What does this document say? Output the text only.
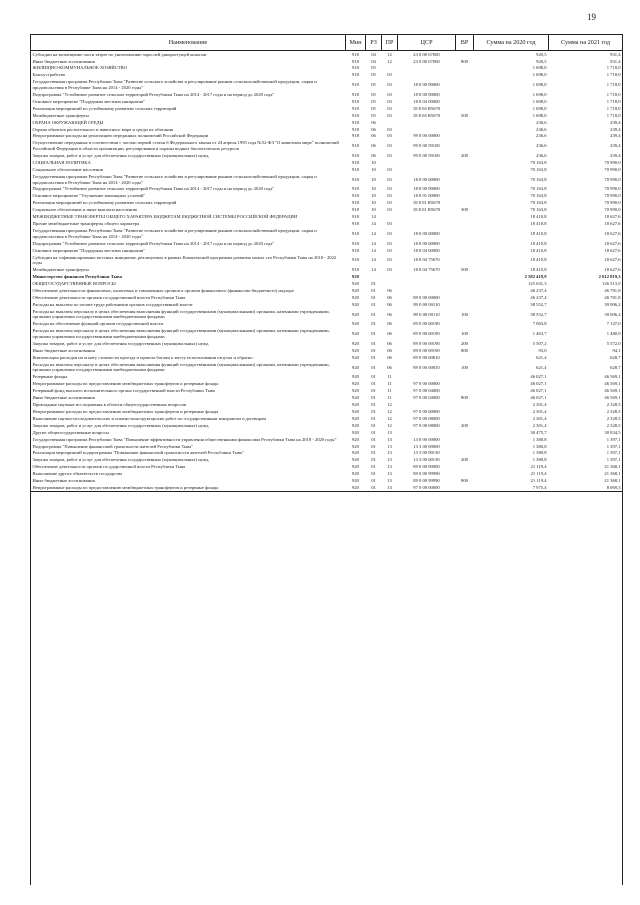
19
Наименование	Мин	РЗ	ПР	ЦСР	ВР	Сумма на 2020 год	Сумма на 2021 год
Субсидии на возмещение части затрат по уничтожению зарослей дикорастущей конопли	918	04	12	23 0 00 67000		920,5	931,4
Иные бюджетные ассигнования	918	04	12	23 0 00 67000	800	920,5	931,4
ЖИЛИЩНО-КОММУНАЛЬНОЕ ХОЗЯЙСТВО	918	05				1 698,0	1 718,0
Благоустройство	918	05	03			1 698,0	1 718,0
Государственная программа Республики Тыва "Развитие сельского хозяйства и регулирование рынков сельскохозяйственной продукции, сырья и продовольствия в Республике Тыва на 2014 - 2020 годы"	918	05	03	18 0 00 00000		1 698,0	1 718,0
Подпрограмма "Устойчивое развитие сельских территорий Республики Тыва на 2014 - 2017 годы и на период до 2020 года"	918	05	03	18 8 00 00000		1 698,0	1 718,0
Основное мероприятие "Поддержка местных инициатив"	918	05	03	18 8 04 00000		1 698,0	1 718,0
Реализация мероприятий по устойчивому развитию сельских территорий	918	05	03	18 8 04 R5670		1 698,0	1 718,0
Межбюджетные трансферты	918	05	03	18 8 04 R5670	500	1 698,0	1 718,0
ОХРАНА ОКРУЖАЮЩЕЙ СРЕДЫ	918	06				236,6	239,4
Охрана объектов растительного и животного мира и среды их обитания	918	06	03			236,6	239,4
Непрограммные расходы на реализацию переданных полномочий Российской Федерации	918	06	03	99 0 00 00000		236,6	239,4
Осуществление переданных в соответствии с частью первой статьи 6 Федерального закона от 24 апреля 1995 года №52-ФЗ "О животном мире" полномочий Российской Федерации в области организации, регулирования и охраны водных биологических ресурсов	918	06	03	99 0 00 59100		236,6	239,4
Закупка товаров, работ и услуг для обеспечения государственных (муниципальных) нужд	918	06	03	99 0 00 59100	200	236,6	239,4
СОЦИАЛЬНАЯ ПОЛИТИКА	918	10				70 163,8	70 990,0
Социальное обеспечение населения	918	10	03			70 163,8	70 990,0
Государственная программа Республики Тыва "Развитие сельского хозяйства и регулирование рынков сельскохозяйственной продукции, сырья и продовольствия в Республике Тыва на 2014 - 2020 годы"	918	10	03	18 0 00 00000		70 163,8	70 990,0
Подпрограмма "Устойчивое развитие сельских территорий Республики Тыва на 2014 - 2017 годы и на период до 2020 года"	918	10	03	18 8 00 00000		70 163,8	70 990,0
Основное мероприятие "Улучшение жилищных условий"	918	10	03	18 8 01 00000		70 163,8	70 990,0
Реализация мероприятий по устойчивому развитию сельских территорий	918	10	03	18 8 01 R5670		70 163,8	70 990,0
Социальное обеспечение и иные выплаты населению	918	10	03	18 8 01 R5670	300	70 163,8	70 990,0
МЕЖБЮДЖЕТНЫЕ ТРАНСФЕРТЫ ОБЩЕГО ХАРАКТЕРА БЮДЖЕТАМ БЮДЖЕТНОЙ СИСТЕМЫ РОССИЙСКОЙ ФЕДЕРАЦИИ	918	14				18 410,8	18 627,6
Прочие межбюджетные трансферты общего характера	918	14	03			18 410,8	18 627,6
Государственная программа Республики Тыва "Развитие сельского хозяйства и регулирование рынков сельскохозяйственной продукции, сырья и продовольствия в Республике Тыва на 2014 - 2020 годы"	918	14	03	18 0 00 00000		18 410,8	18 627,6
Подпрограмма "Устойчивое развитие сельских территорий Республики Тыва на 2014 - 2017 годы и на период до 2020 года"	918	14	03	18 8 00 00000		18 410,8	18 627,6
Основное мероприятие "Поддержка местных инициатив"	918	14	03	18 8 04 00000		18 410,8	18 627,6
Субсидии на софинансирование местных инициатив, реализуемых в рамках Комплексной программы развития малых сел Республики Тыва на 2018 - 2022 годы	918	14	03	18 8 04 75670		18 410,8	18 627,6
Межбюджетные трансферты	918	14	03	18 8 04 75670	500	18 410,8	18 627,6
Министерство финансов Республики Тыва	920					2 582 419,9	2 612 819,3
ОБЩЕГОСУДАРСТВЕННЫЕ ВОПРОСЫ	920	01				125 041,3	126 513,9
Обеспечение деятельности финансовых, налоговых и таможенных органов и органов финансового (финансово-бюджетного) надзора	920	01	06			46 237,4	46 781,8
Обеспечение деятельности органов государственной власти Республики Тыва	920	01	06	89 0 00 00000		46 237,4	46 781,8
Расходы на выплаты по оплате труда работников органов государственной власти	920	01	06	89 0 00 00110		38 552,7	39 006,2
Расходы на выплаты персоналу в целях обеспечения выполнения функций государственными (муниципальными) органами, казенными учреждениями, органами управления государственными внебюджетными фондами	920	01	06	89 0 00 00110	100	38 552,7	39 006,2
Расходы на обеспечение функций органов государственной власти	920	01	06	89 0 00 00190		7 063,8	7 147,0
Расходы на выплаты персоналу в целях обеспечения выполнения функций государственными (муниципальными) органами, казенными учреждениями, органами управления государственными внебюджетными фондами	920	01	06	89 0 00 00190	100	1 463,7	1 480,9
Закупка товаров, работ и услуг для обеспечения государственных (муниципальных) нужд	920	01	06	89 0 00 00190	200	5 507,2	5 572,0
Иные бюджетные ассигнования	920	01	06	89 0 00 00190	800	93,0	94,1
Компенсация расходов на оплату стоимости проезда и провоза багажа к месту использования отпуска и обратно	920	01	06	89 0 00 00810		621,4	628,7
Расходы на выплаты персоналу в целях обеспечения выполнения функций государственными (муниципальными) органами, казенными учреждениями, органами управления государственными внебюджетными фондами	920	01	06	89 0 00 00810	100	621,4	628,7
Резервные фонды	920	01	11			46 027,1	46 569,1
Непрограммные расходы по предоставлению межбюджетных трансфертов и резервные фонды	920	01	11	97 0 00 00000		46 027,1	46 569,1
Резервный фонд высшего исполнительного органа государственной власти Республики Тыва	920	01	11	97 0 00 04000		46 027,1	46 569,1
Иные бюджетные ассигнования	920	01	11	97 0 00 04000	800	46 027,1	46 569,1
Прикладные научные исследования в области общегосударственных вопросов	920	01	12			2 301,4	2 328,5
Непрограммные расходы по предоставлению межбюджетных трансфертов и резервные фонды	920	01	12	97 0 00 00000		2 301,4	2 328,5
Выполнение научно-исследовательских и опытно-конструкторских работ по государственным контрактам и договорам	920	01	12	97 0 00 08000		2 301,4	2 328,5
Закупка товаров, работ и услуг для обеспечения государственных (муниципальных) нужд	920	01	12	97 0 00 08000	200	2 301,4	2 328,5
Другие общегосударственные вопросы	920	01	13			30 475,7	30 834,5
Государственная программа Республики Тыва "Повышение эффективности управления общественными финансами Республики Тыва на 2018 - 2020 годы"	920	01	13	13 0 00 00000		1 380,8	1 397,1
Подпрограмма "Повышение финансовой грамотности жителей Республики Тыва"	920	01	13	13 3 00 00000		1 380,8	1 397,1
Реализация мероприятий подпрограммы "Повышение финансовой грамотности жителей Республики Тыва"	920	01	13	13 3 00 00130		1 380,8	1 397,1
Закупка товаров, работ и услуг для обеспечения государственных (муниципальных) нужд	920	01	13	13 3 00 00130	200	1 380,8	1 397,1
Обеспечение деятельности органов государственной власти Республики Тыва	920	01	13	89 0 00 00000		21 119,4	21 368,1
Выполнение других обязательств государства	920	01	13	89 0 00 99990		21 119,4	21 368,1
Иные бюджетные ассигнования	920	01	13	89 0 00 99990	800	21 119,4	21 368,1
Непрограммные расходы по предоставлению межбюджетных трансфертов и резервные фонды	920	01	13	97 0 00 00000		7 975,4	8 069,3
